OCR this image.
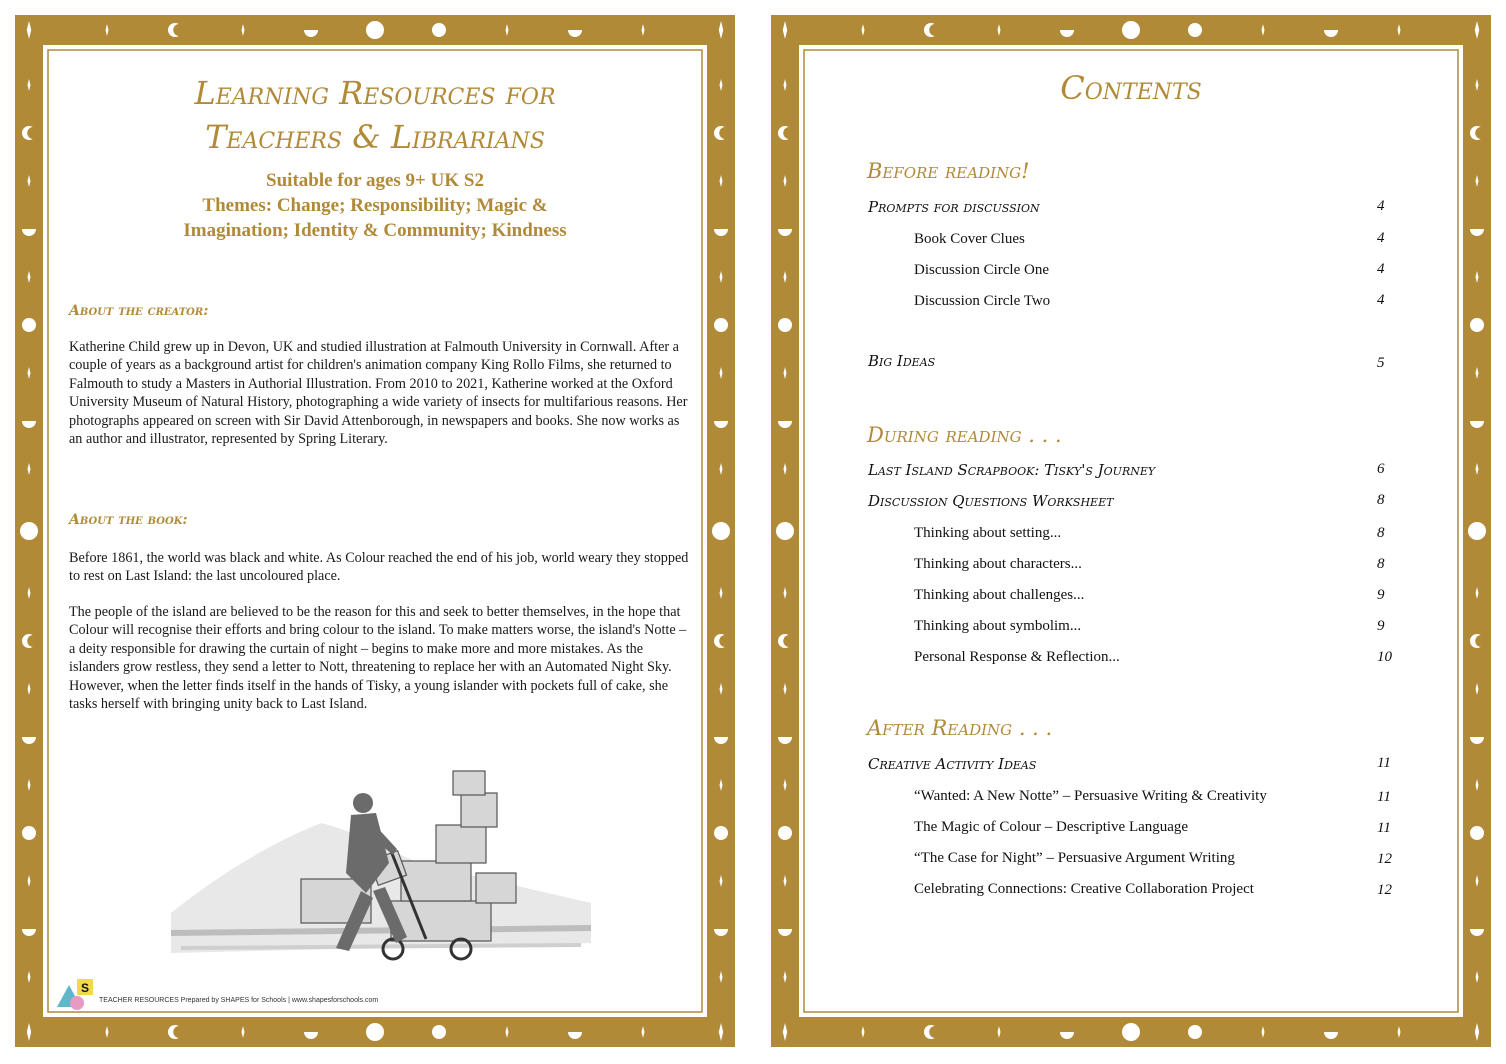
Learning Resources for
Teachers & Librarians
Suitable for ages 9+ UK S2
Themes: Change; Responsibility; Magic &
Imagination; Identity & Community; Kindness
About the creator:
Katherine Child grew up in Devon, UK and studied illustration at Falmouth University in Cornwall. After a couple of years as a background artist for children's animation company King Rollo Films, she returned to Falmouth to study a Masters in Authorial Illustration. From 2010 to 2021, Katherine worked at the Oxford University Museum of Natural History, photographing a wide variety of insects for multifarious reasons. Her photographs appeared on screen with Sir David Attenborough, in newspapers and books. She now works as an author and illustrator, represented by Spring Literary.
About the book:
Before 1861, the world was black and white. As Colour reached the end of his job, world weary they stopped to rest on Last Island: the last uncoloured place.
The people of the island are believed to be the reason for this and seek to better themselves, in the hope that Colour will recognise their efforts and bring colour to the island. To make matters worse, the island's Notte – a deity responsible for drawing the curtain of night – begins to make more and more mistakes. As the islanders grow restless, they send a letter to Nott, threatening to replace her with an Automated Night Sky. However, when the letter finds itself in the hands of Tisky, a young islander with pockets full of cake, she tasks herself with bringing unity back to Last Island.
S
TEACHER RESOURCES Prepared by SHAPES for Schools | www.shapesforschools.com
Contents
Before reading!
Prompts for discussion	4
Book Cover Clues	4
Discussion Circle One	4
Discussion Circle Two	4
Big Ideas	5
During reading . . .
Last Island Scrapbook: Tisky's Journey	6
Discussion Questions Worksheet	8
Thinking about setting...	8
Thinking about characters...	8
Thinking about challenges...	9
Thinking about symbolim...	9
Personal Response & Reflection...	10
After Reading . . .
Creative Activity Ideas	11
“Wanted: A New Notte” – Persuasive Writing & Creativity	11
The Magic of Colour – Descriptive Language	11
“The Case for Night” – Persuasive Argument Writing	12
Celebrating Connections: Creative Collaboration Project	12
